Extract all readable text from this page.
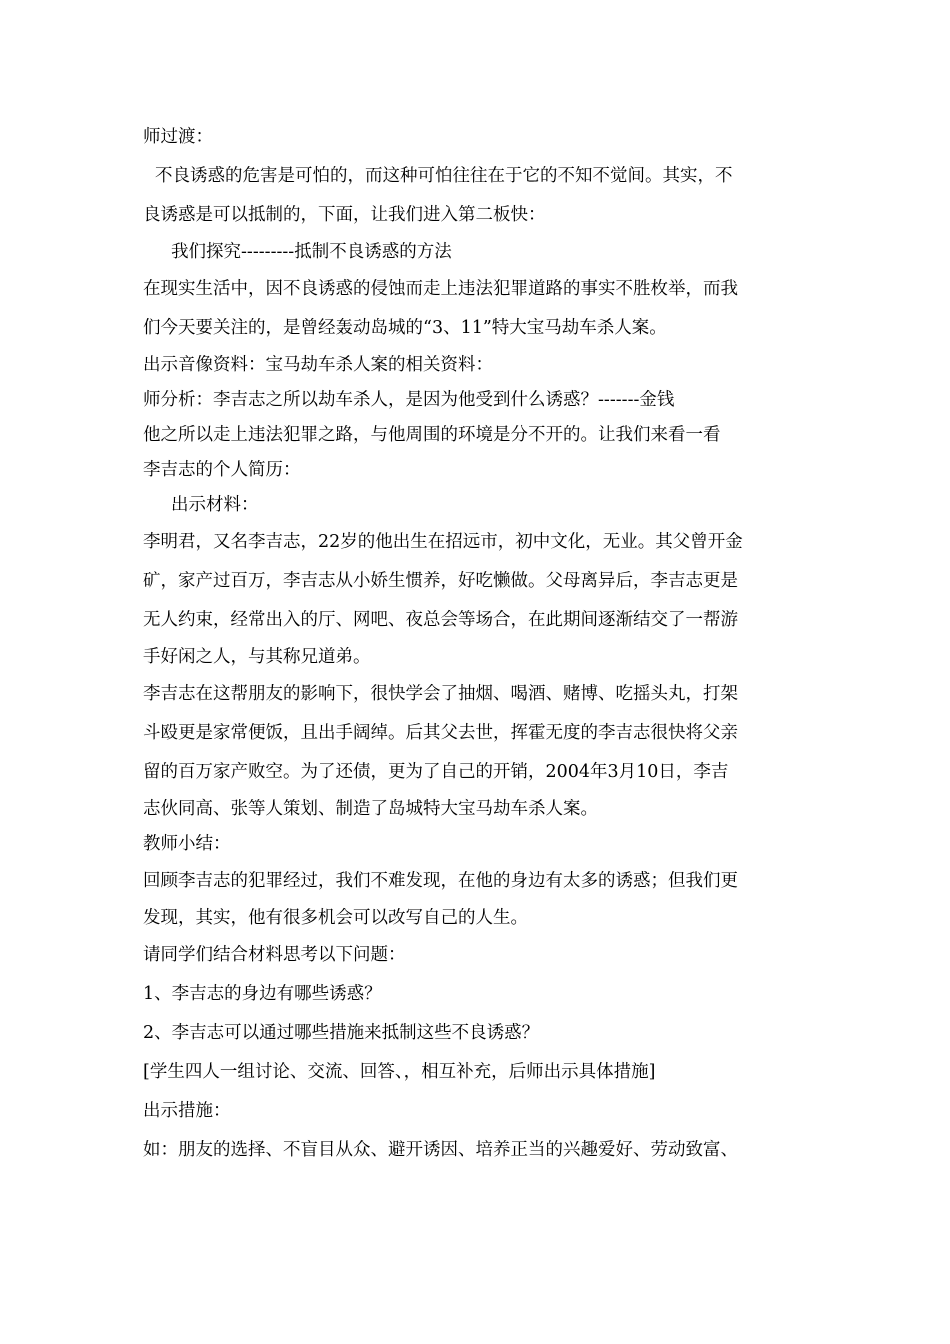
师过渡：
不良诱惑的危害是可怕的，而这种可怕往往在于它的不知不觉间。其实，不
良诱惑是可以抵制的，下面，让我们进入第二板快：
我们探究---------抵制不良诱惑的方法
在现实生活中，因不良诱惑的侵蚀而走上违法犯罪道路的事实不胜枚举，而我
们今天要关注的，是曾经轰动岛城的“3、11”特大宝马劫车杀人案。
出示音像资料：宝马劫车杀人案的相关资料：
师分析：李吉志之所以劫车杀人，是因为他受到什么诱惑？-------金钱
他之所以走上违法犯罪之路，与他周围的环境是分不开的。让我们来看一看
李吉志的个人简历：
出示材料：
李明君，又名李吉志，22岁的他出生在招远市，初中文化，无业。其父曾开金
矿，家产过百万，李吉志从小娇生惯养，好吃懒做。父母离异后，李吉志更是
无人约束，经常出入的厅、网吧、夜总会等场合，在此期间逐渐结交了一帮游
手好闲之人，与其称兄道弟。
李吉志在这帮朋友的影响下，很快学会了抽烟、喝酒、赌博、吃摇头丸，打架
斗殴更是家常便饭，且出手阔绰。后其父去世，挥霍无度的李吉志很快将父亲
留的百万家产败空。为了还债，更为了自己的开销，2004年3月10日，李吉
志伙同高、张等人策划、制造了岛城特大宝马劫车杀人案。
教师小结：
回顾李吉志的犯罪经过，我们不难发现，在他的身边有太多的诱惑；但我们更
发现，其实，他有很多机会可以改写自己的人生。
请同学们结合材料思考以下问题：
1、李吉志的身边有哪些诱惑？
2、李吉志可以通过哪些措施来抵制这些不良诱惑？
[学生四人一组讨论、交流、回答、，相互补充，后师出示具体措施]
出示措施：
如：朋友的选择、不盲目从众、避开诱因、培养正当的兴趣爱好、劳动致富、
